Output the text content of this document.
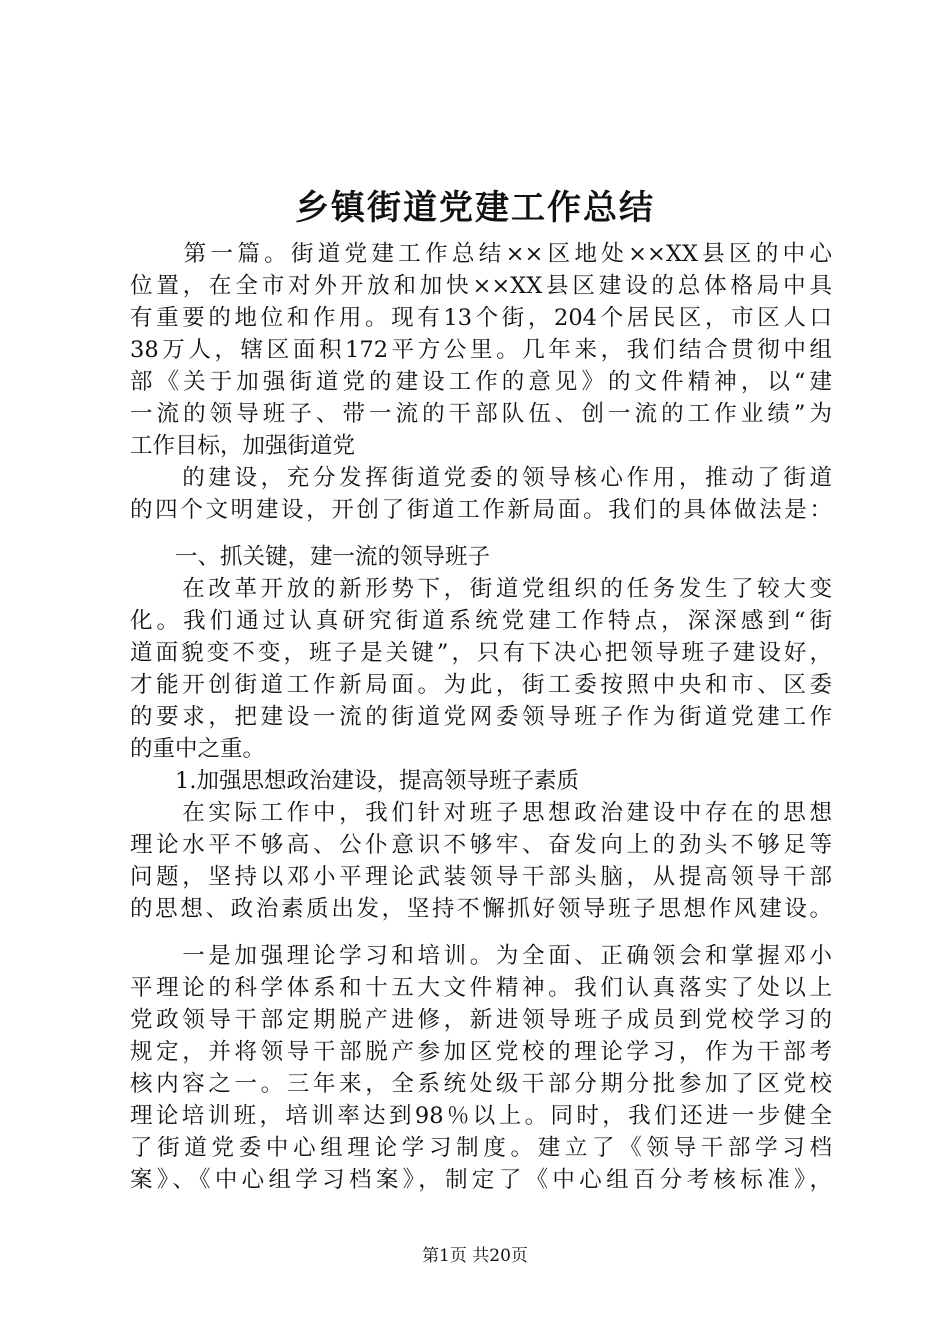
乡镇街道党建工作总结
　　第一篇。街道党建工作总结××区地处××XX县区的中心
位置，在全市对外开放和加快××XX县区建设的总体格局中具
有重要的地位和作用。现有13个街，204个居民区，市区人口
38万人，辖区面积172平方公里。几年来，我们结合贯彻中组
部《关于加强街道党的建设工作的意见》的文件精神，以“建
一流的领导班子、带一流的干部队伍、创一流的工作业绩”为
工作目标，加强街道党
　　的建设，充分发挥街道党委的领导核心作用，推动了街道
的四个文明建设，开创了街道工作新局面。我们的具体做法是：
　　一、抓关键，建一流的领导班子
　　在改革开放的新形势下，街道党组织的任务发生了较大变
化。我们通过认真研究街道系统党建工作特点，深深感到“街
道面貌变不变，班子是关键”，只有下决心把领导班子建设好，
才能开创街道工作新局面。为此，街工委按照中央和市、区委
的要求，把建设一流的街道党网委领导班子作为街道党建工作
的重中之重。
　　1.加强思想政治建设，提高领导班子素质
　　在实际工作中，我们针对班子思想政治建设中存在的思想
理论水平不够高、公仆意识不够牢、奋发向上的劲头不够足等
问题，坚持以邓小平理论武装领导干部头脑，从提高领导干部
的思想、政治素质出发，坚持不懈抓好领导班子思想作风建设。
　　一是加强理论学习和培训。为全面、正确领会和掌握邓小
平理论的科学体系和十五大文件精神。我们认真落实了处以上
党政领导干部定期脱产进修，新进领导班子成员到党校学习的
规定，并将领导干部脱产参加区党校的理论学习，作为干部考
核内容之一。三年来，全系统处级干部分期分批参加了区党校
理论培训班，培训率达到98％以上。同时，我们还进一步健全
了街道党委中心组理论学习制度。建立了《领导干部学习档
案》、《中心组学习档案》，制定了《中心组百分考核标准》，
第1页 共20页
